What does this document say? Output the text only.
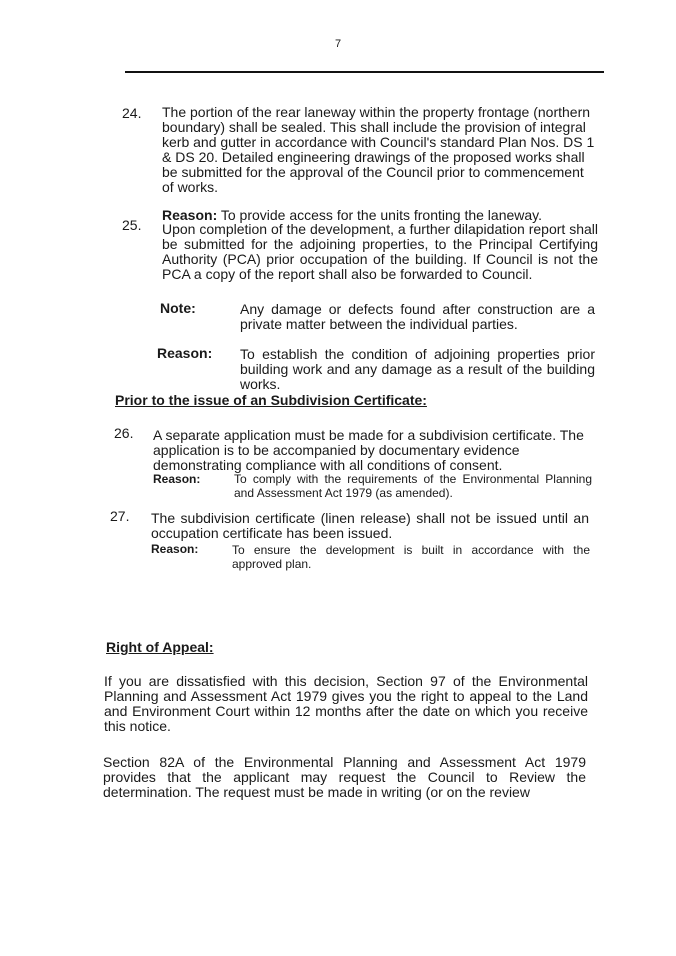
7
24. The portion of the rear laneway within the property frontage (northern boundary) shall be sealed. This shall include the provision of integral kerb and gutter in accordance with Council's standard Plan Nos. DS 1 & DS 20. Detailed engineering drawings of the proposed works shall be submitted for the approval of the Council prior to commencement of works.
Reason: To provide access for the units fronting the laneway.
25. Upon completion of the development, a further dilapidation report shall be submitted for the adjoining properties, to the Principal Certifying Authority (PCA) prior occupation of the building. If Council is not the PCA a copy of the report shall also be forwarded to Council.
Note:	Any damage or defects found after construction are a private matter between the individual parties.
Reason: To establish the condition of adjoining properties prior building work and any damage as a result of the building works.
Prior to the issue of an Subdivision Certificate:
26. A separate application must be made for a subdivision certificate. The application is to be accompanied by documentary evidence demonstrating compliance with all conditions of consent.
Reason:	To comply with the requirements of the Environmental Planning and Assessment Act 1979 (as amended).
27. The subdivision certificate (linen release) shall not be issued until an occupation certificate has been issued.
Reason:	To ensure the development is built in accordance with the approved plan.
Right of Appeal:
If you are dissatisfied with this decision, Section 97 of the Environmental Planning and Assessment Act 1979 gives you the right to appeal to the Land and Environment Court within 12 months after the date on which you receive this notice.
Section 82A of the Environmental Planning and Assessment Act 1979 provides that the applicant may request the Council to Review the determination. The request must be made in writing (or on the review
